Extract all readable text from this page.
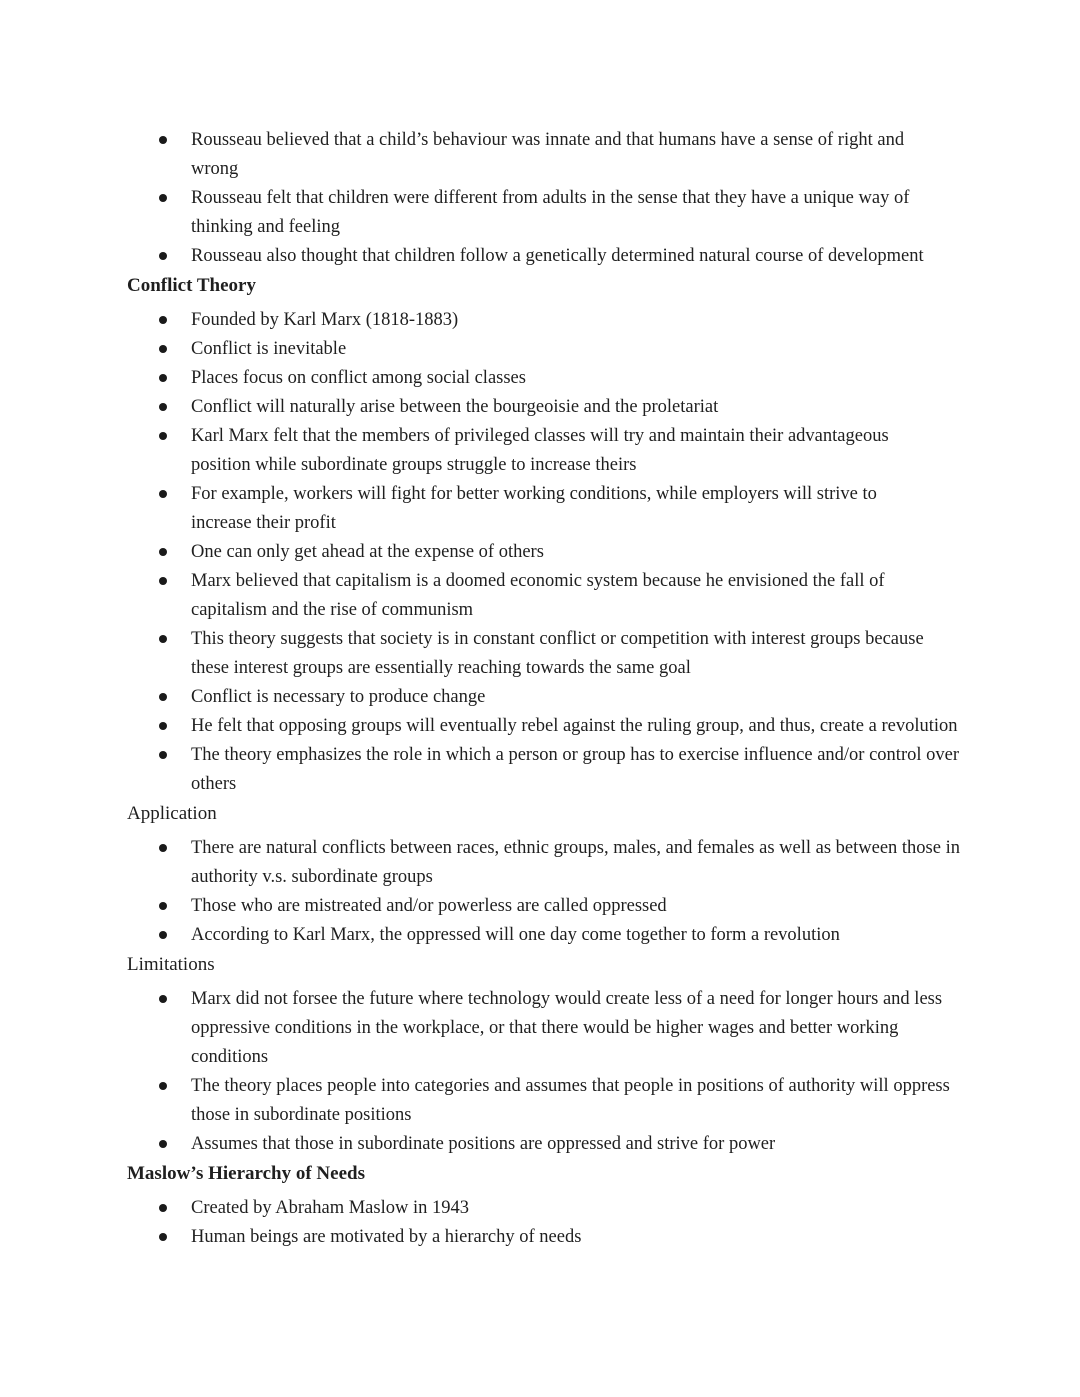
Rousseau believed that a child’s behaviour was innate and that humans have a sense of right and wrong
Rousseau felt that children were different from adults in the sense that they have a unique way of thinking and feeling
Rousseau also thought that children follow a genetically determined natural course of development
Conflict Theory
Founded by Karl Marx (1818-1883)
Conflict is inevitable
Places focus on conflict among social classes
Conflict will naturally arise between the bourgeoisie and the proletariat
Karl Marx felt that the members of privileged classes will try and maintain their advantageous position while subordinate groups struggle to increase theirs
For example, workers will fight for better working conditions, while employers will strive to increase their profit
One can only get ahead at the expense of others
Marx believed that capitalism is a doomed economic system because he envisioned the fall of capitalism and the rise of communism
This theory suggests that society is in constant conflict or competition with interest groups because these interest groups are essentially reaching towards the same goal
Conflict is necessary to produce change
He felt that opposing groups will eventually rebel against the ruling group, and thus, create a revolution
The theory emphasizes the role in which a person or group has to exercise influence and/or control over others
Application
There are natural conflicts between races, ethnic groups, males, and females as well as between those in authority v.s. subordinate groups
Those who are mistreated and/or powerless are called oppressed
According to Karl Marx, the oppressed will one day come together to form a revolution
Limitations
Marx did not forsee the future where technology would create less of a need for longer hours and less oppressive conditions in the workplace, or that there would be higher wages and better working conditions
The theory places people into categories and assumes that people in positions of authority will oppress those in subordinate positions
Assumes that those in subordinate positions are oppressed and strive for power
Maslow’s Hierarchy of Needs
Created by Abraham Maslow in 1943
Human beings are motivated by a hierarchy of needs
